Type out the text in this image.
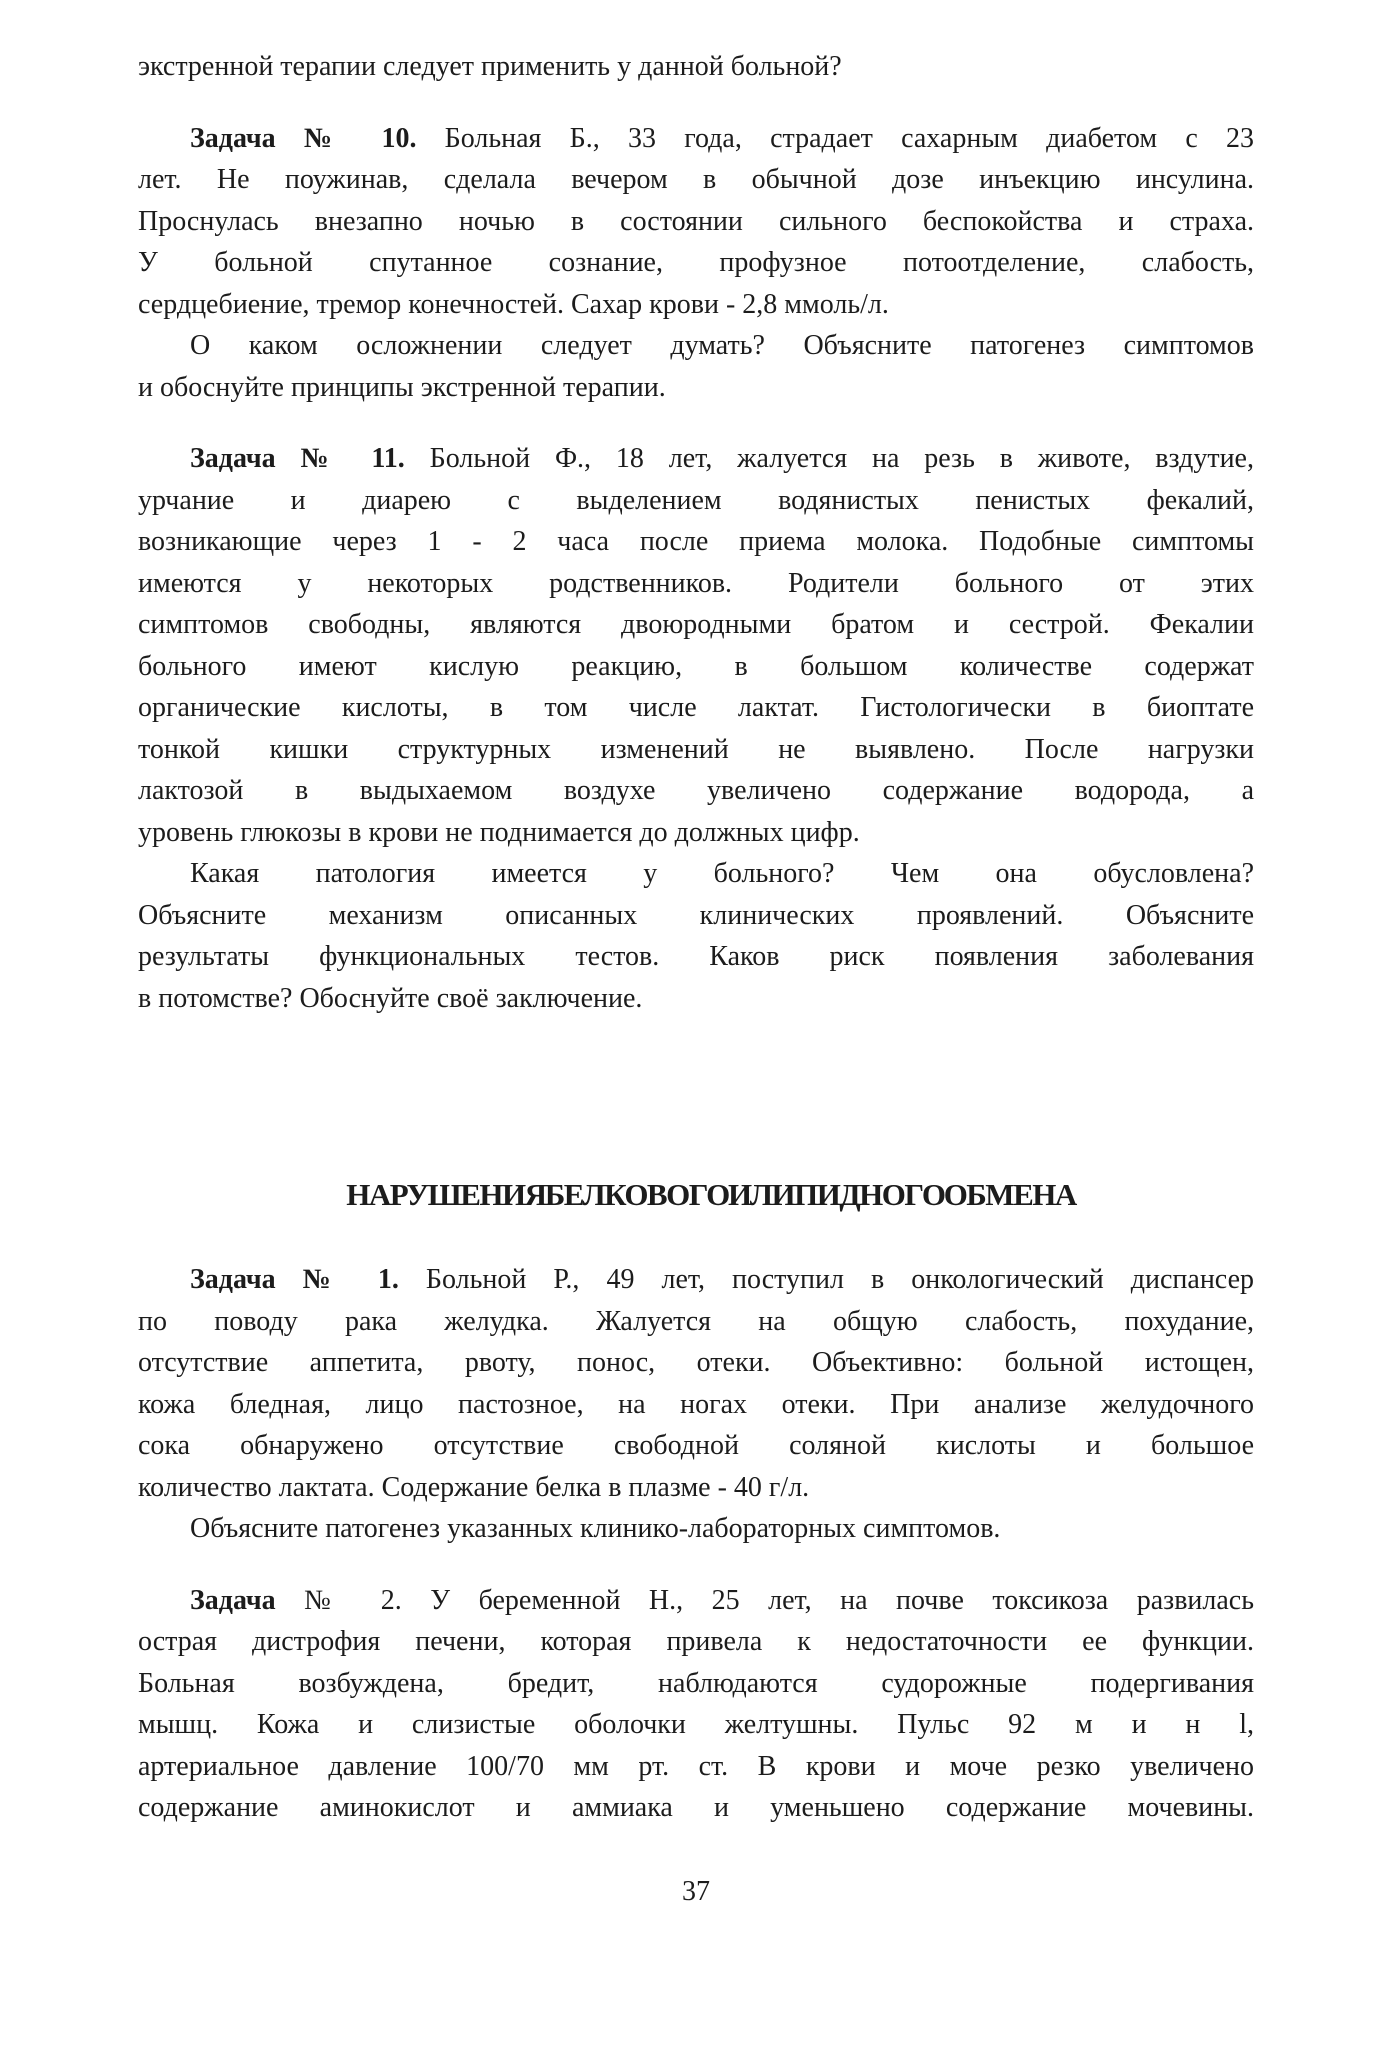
экстренной терапии следует применить у данной больной?

Задача № 10. Больная Б., 33 года, страдает сахарным диабетом с 23

лет. Не поужинав, сделала вечером в обычной дозе инъекцию инсулина.

Проснулась внезапно ночью в состоянии сильного беспокойства и страха.

У больной спутанное сознание, профузное потоотделение, слабость,

сердцебиение, тремор конечностей. Сахар крови - 2,8 ммоль/л.

О каком осложнении следует думать? Объясните патогенез симптомов

и обоснуйте принципы экстренной терапии.

Задача № 11. Больной Ф., 18 лет, жалуется на резь в животе, вздутие,

урчание и диарею с выделением водянистых пенистых фекалий,

возникающие через 1 - 2 часа после приема молока. Подобные симптомы

имеются у некоторых родственников. Родители больного от этих

симптомов свободны, являются двоюродными братом и сестрой. Фекалии

больного имеют кислую реакцию, в большом количестве содержат

органические кислоты, в том числе лактат. Гистологически в биоптате

тонкой кишки структурных изменений не выявлено. После нагрузки

лактозой в выдыхаемом воздухе увеличено содержание водорода, а

уровень глюкозы в крови не поднимается до должных цифр.

Какая патология имеется у больного? Чем она обусловлена?

Объясните механизм описанных клинических проявлений. Объясните

результаты функциональных тестов. Каков риск появления заболевания

в потомстве? Обоснуйте своё заключение.

НАРУШЕНИЯ БЕЛКОВОГО И ЛИПИДНОГО ОБМЕНА

Задача № 1. Больной Р., 49 лет, поступил в онкологический диспансер

по поводу рака желудка. Жалуется на общую слабость, похудание,

отсутствие аппетита, рвоту, понос, отеки. Объективно: больной истощен,

кожа бледная, лицо пастозное, на ногах отеки. При анализе желудочного

сока обнаружено отсутствие свободной соляной кислоты и большое

количество лактата. Содержание белка в плазме - 40 г/л.

Объясните патогенез указанных клинико-лабораторных симптомов.

Задача № 2. У беременной Н., 25 лет, на почве токсикоза развилась

острая дистрофия печени, которая привела к недостаточности ее функции.

Больная возбуждена, бредит, наблюдаются судорожные подергивания

мышц. Кожа и слизистые оболочки желтушны. Пульс 92 м и н l,

артериальное давление 100/70 мм рт. ст. В крови и моче резко увеличено

содержание аминокислот и аммиака и уменьшено содержание мочевины.

37
